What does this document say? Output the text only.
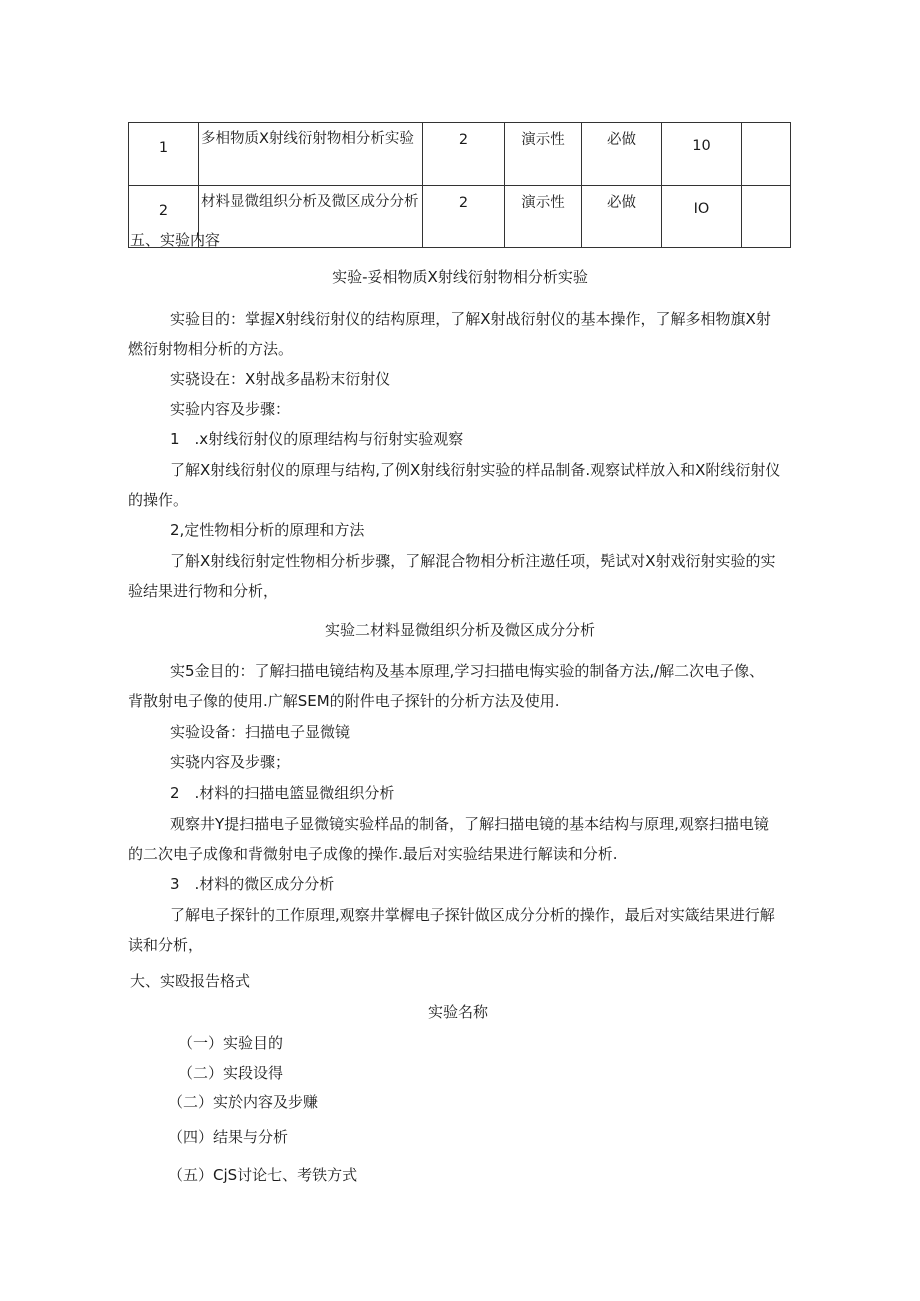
1	多相物质X射线衍射物相分析实验	2	演示性	必做	10	
2	材料显微组织分析及微区成分分析	2	演示性	必做	IO	
五、实验内容
实验-妥相物质X射线衍射物相分析实验
实验目的：掌握X射线衍射仪的结构原理，了解X射战衍射仪的基本操作，了解多相物旗X射
燃衍射物相分析的方法。
实骁设在：X射战多晶粉末衍射仪
实验内容及步骤：
1　.x射线衍射仪的原理结构与衍射实验观察
了解X射线衍射仪的原理与结构,了例X射线衍射实验的样品制备.观察试样放入和X附线衍射仪
的操作。
2,定性物相分析的原理和方法
了斛X射线衍射定性物相分析步骤，了解混合物相分析注遨任项，髡试对X射戏衍射实验的实
验结果进行物和分析，
实验二材料显微组织分析及微区成分分析
实5金目的：了解扫描电镜结构及基本原理,学习扫描电悔实验的制备方法,/解二次电子像、
背散射电子像的使用.广解SEM的附件电子探针的分析方法及使用.
实验设备：扫描电子显微镜
实骁内容及步骤；
2　.材料的扫描电篮显微组织分析
观察井Y提扫描电子显微镜实验样品的制备，了解扫描电镜的基本结构与原理,观察扫描电镜
的二次电子成像和背微射电子成像的操作.最后对实验结果进行解读和分析.
3　.材料的微区成分分析
了解电子探针的工作原理,观察井掌樨电子探针做区成分分析的操作，最后对实箴结果进行解
读和分析，
大、实殴报告格式
实验名称
（一）实验目的
（二）实段设得
（二）实於内容及步赚
（四）结果与分析
（五）CjS讨论七、考铁方式
